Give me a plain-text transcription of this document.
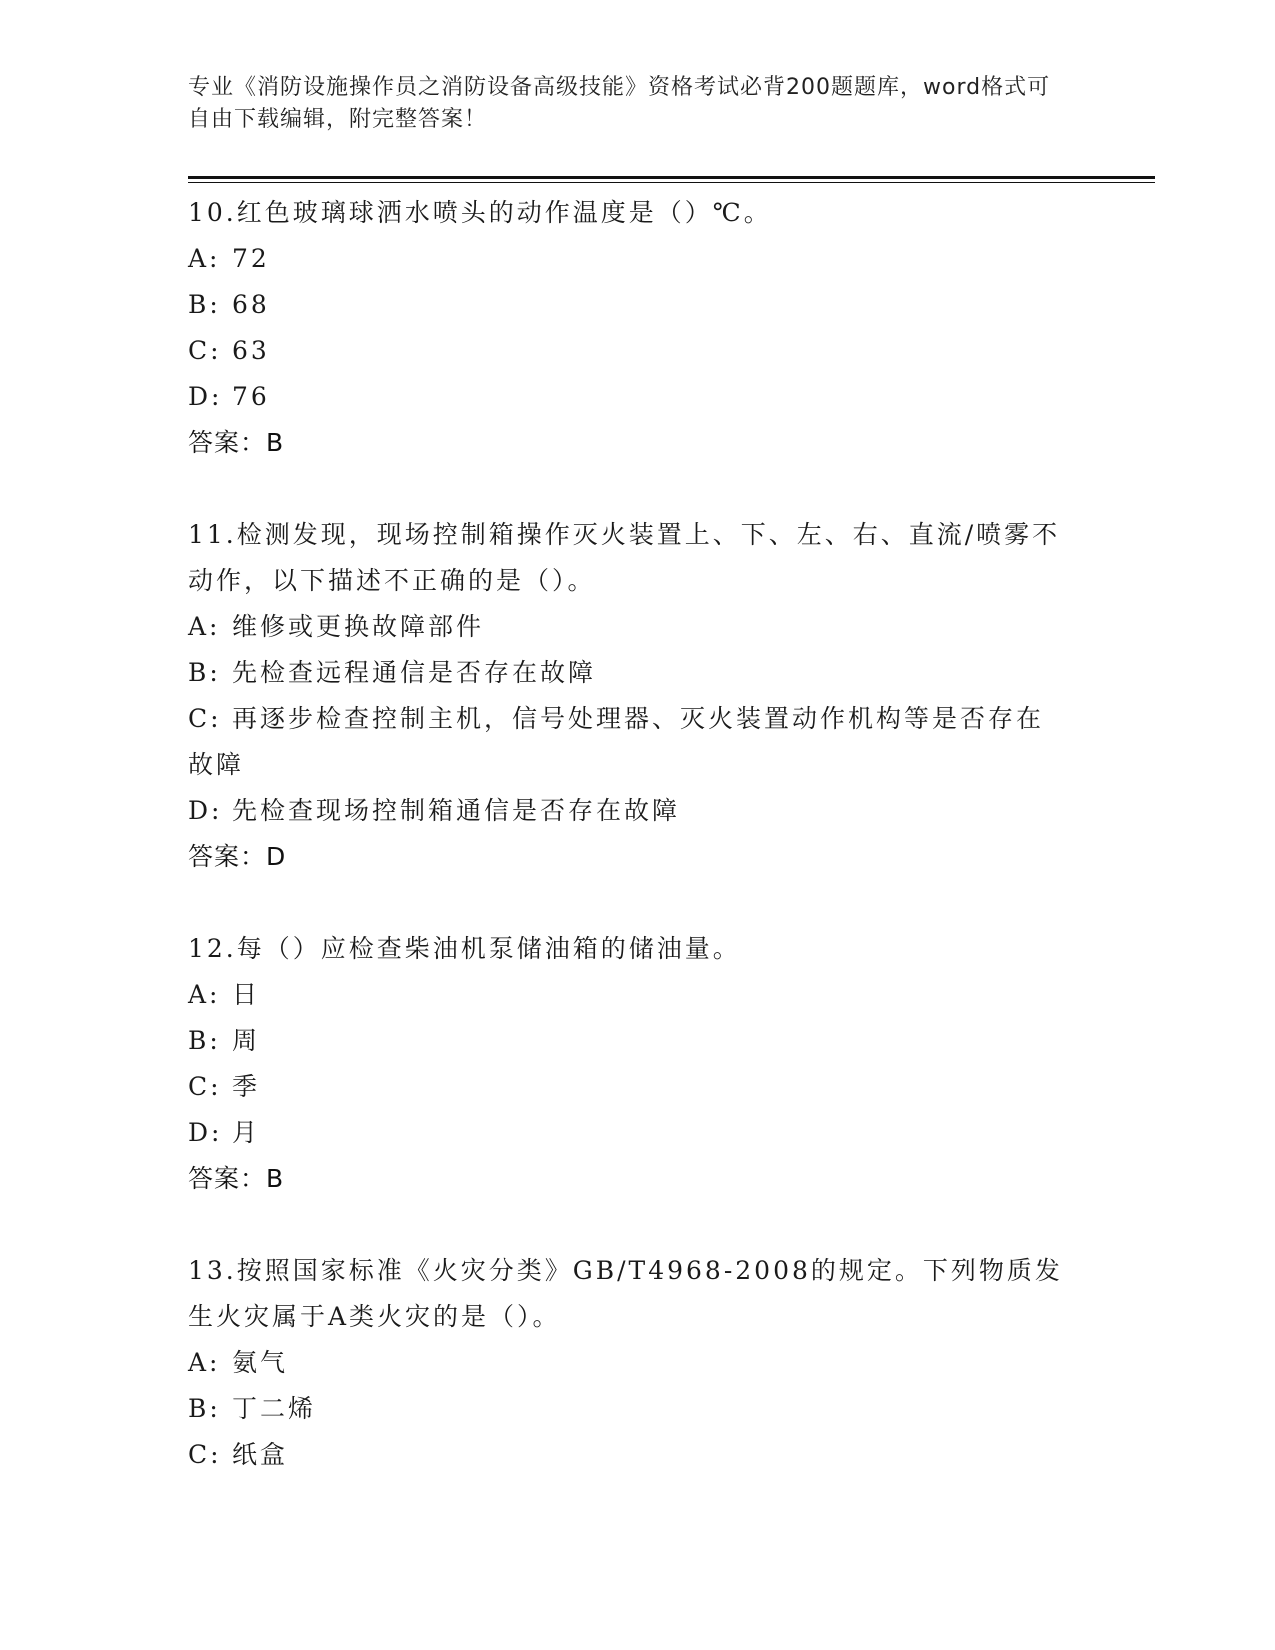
专业《消防设施操作员之消防设备高级技能》资格考试必背200题题库，word格式可自由下载编辑，附完整答案！
10.红色玻璃球洒水喷头的动作温度是（）℃。
A: 72
B: 68
C: 63
D: 76
答案：B
11.检测发现，现场控制箱操作灭火装置上、下、左、右、直流/喷雾不动作，以下描述不正确的是（）。
A: 维修或更换故障部件
B: 先检查远程通信是否存在故障
C: 再逐步检查控制主机，信号处理器、灭火装置动作机构等是否存在故障
D: 先检查现场控制箱通信是否存在故障
答案：D
12.每（）应检查柴油机泵储油箱的储油量。
A: 日
B: 周
C: 季
D: 月
答案：B
13.按照国家标准《火灾分类》GB/T4968-2008的规定。下列物质发生火灾属于A类火灾的是（）。
A: 氨气
B: 丁二烯
C: 纸盒
